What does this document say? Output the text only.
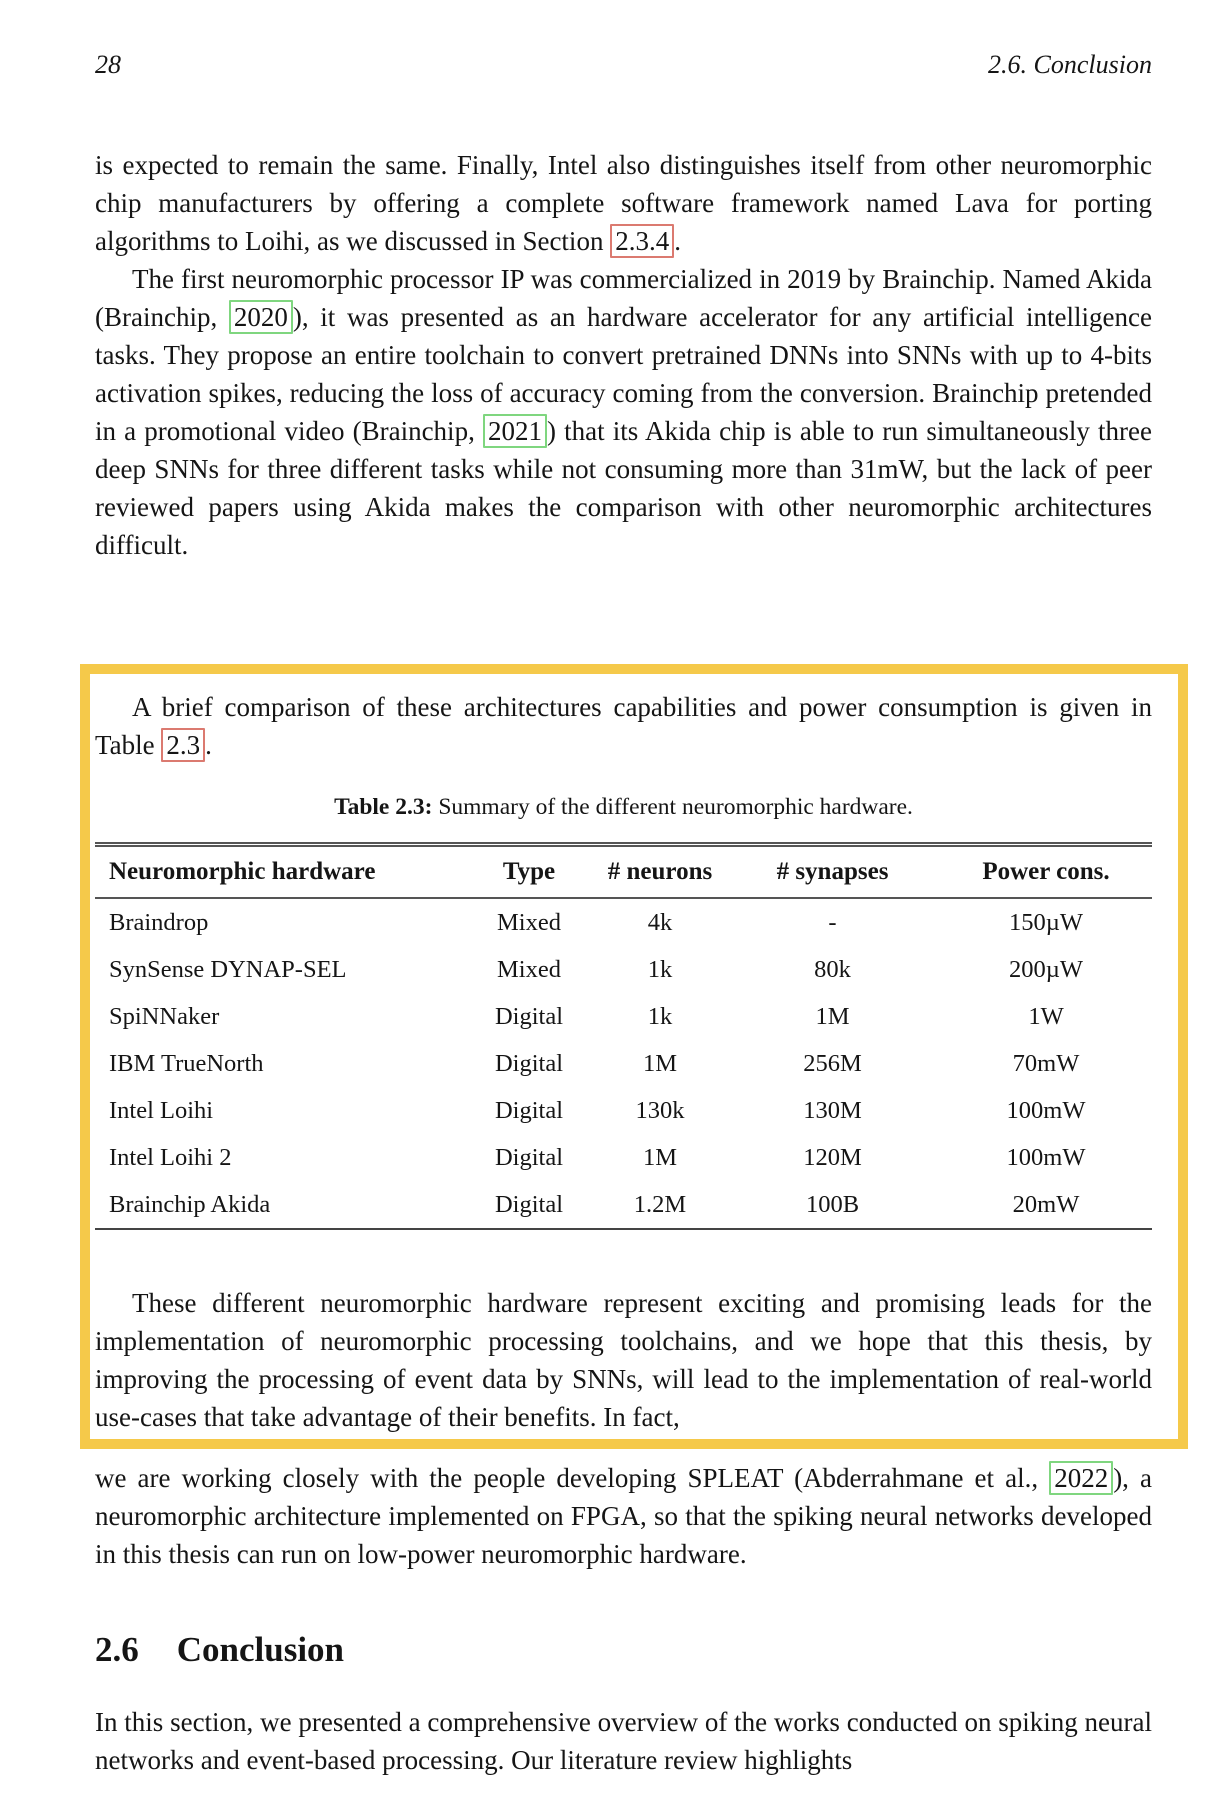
28	2.6. Conclusion

is expected to remain the same. Finally, Intel also distinguishes itself from other neuromorphic chip manufacturers by offering a complete software framework named Lava for porting algorithms to Loihi, as we discussed in Section 2.3.4 .

The first neuromorphic processor IP was commercialized in 2019 by Brainchip. Named Akida (Brainchip, 2020 ), it was presented as an hardware accelerator for any artificial intelligence tasks. They propose an entire toolchain to convert pretrained DNNs into SNNs with up to 4-bits activation spikes, reducing the loss of accuracy coming from the conversion. Brainchip pretended in a promotional video (Brainchip, 2021 ) that its Akida chip is able to run simultaneously three deep SNNs for three different tasks while not consuming more than 31mW, but the lack of peer reviewed papers using Akida makes the comparison with other neuromorphic architectures difficult.

A brief comparison of these architectures capabilities and power consumption is given in Table 2.3 .

Table 2.3: Summary of the different neuromorphic hardware.
Neuromorphic hardware	Type	# neurons	# synapses	Power cons.
Braindrop	Mixed	4k	-	150µW
SynSense DYNAP-SEL	Mixed	1k	80k	200µW
SpiNNaker	Digital	1k	1M	1W
IBM TrueNorth	Digital	1M	256M	70mW
Intel Loihi	Digital	130k	130M	100mW
Intel Loihi 2	Digital	1M	120M	100mW
Brainchip Akida	Digital	1.2M	100B	20mW

These different neuromorphic hardware represent exciting and promising leads for the implementation of neuromorphic processing toolchains, and we hope that this thesis, by improving the processing of event data by SNNs, will lead to the implementation of real-world use-cases that take advantage of their benefits. In fact,

we are working closely with the people developing SPLEAT (Abderrahmane et al., 2022 ), a neuromorphic architecture implemented on FPGA, so that the spiking neural networks developed in this thesis can run on low-power neuromorphic hardware.

2.6 Conclusion

In this section, we presented a comprehensive overview of the works conducted on spiking neural networks and event-based processing. Our literature review highlights
